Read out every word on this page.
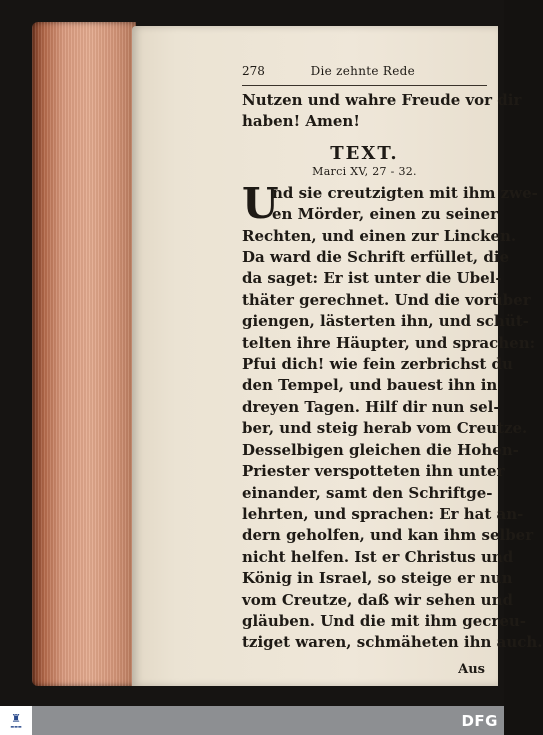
278	Die zehnte Rede
Nutzen und wahre Freude vor dir
haben! Amen!
TEXT.
Marci XV, 27 - 32.
U
nd sie creutzigten mit ihm zwe-
en Mörder, einen zu seiner
Rechten, und einen zur Lincken.
Da ward die Schrift erfüllet, die
da saget: Er ist unter die Ubel-
thäter gerechnet. Und die vorüber
giengen, lästerten ihn, und schüt-
telten ihre Häupter, und sprachen:
Pfui dich! wie fein zerbrichst du
den Tempel, und bauest ihn in
dreyen Tagen. Hilf dir nun sel-
ber, und steig herab vom Creutze.
Desselbigen gleichen die Hohen-
Priester verspotteten ihn unter
einander, samt den Schriftge-
lehrten, und sprachen: Er hat an-
dern geholfen, und kan ihm selber
nicht helfen. Ist er Christus und
König in Israel, so steige er nun
vom Creutze, daß wir sehen und
gläuben. Und die mit ihm gecreu-
tziget waren, schmäheten ihn auch.
Aus
♜
▬▬▬	DFG
